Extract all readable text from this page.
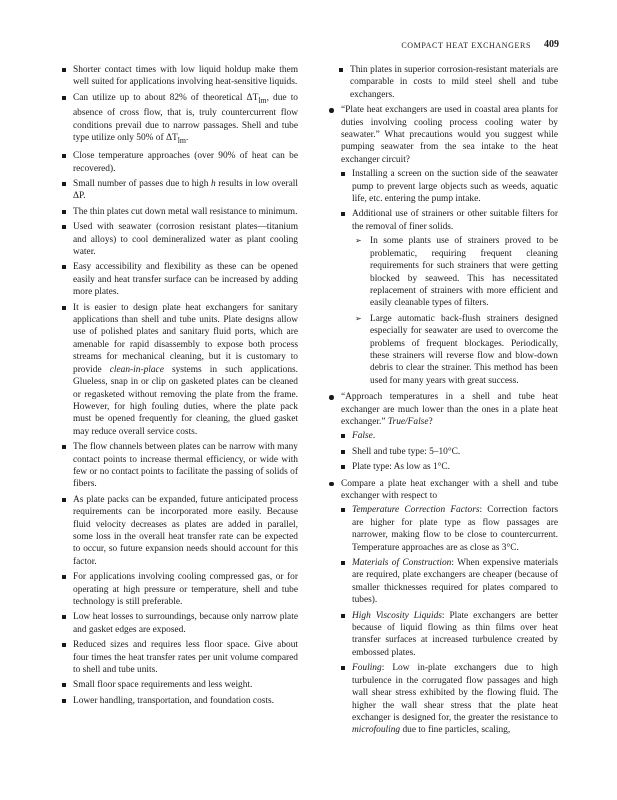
COMPACT HEAT EXCHANGERS 409
Shorter contact times with low liquid holdup make them well suited for applications involving heat-sensitive liquids.
Can utilize up to about 82% of theoretical $\Delta T_{lm}$, due to absence of cross flow, that is, truly countercurrent flow conditions prevail due to narrow passages. Shell and tube type utilize only 50% of $\Delta T_{lm}$.
Close temperature approaches (over 90% of heat can be recovered).
Small number of passes due to high h results in low overall ΔP.
The thin plates cut down metal wall resistance to minimum.
Used with seawater (corrosion resistant plates—titanium and alloys) to cool demineralized water as plant cooling water.
Easy accessibility and flexibility as these can be opened easily and heat transfer surface can be increased by adding more plates.
It is easier to design plate heat exchangers for sanitary applications than shell and tube units. Plate designs allow use of polished plates and sanitary fluid ports, which are amenable for rapid disassembly to expose both process streams for mechanical cleaning, but it is customary to provide clean-in-place systems in such applications. Glueless, snap in or clip on gasketed plates can be cleaned or regasketed without removing the plate from the frame. However, for high fouling duties, where the plate pack must be opened frequently for cleaning, the glued gasket may reduce overall service costs.
The flow channels between plates can be narrow with many contact points to increase thermal efficiency, or wide with few or no contact points to facilitate the passing of solids of fibers.
As plate packs can be expanded, future anticipated process requirements can be incorporated more easily. Because fluid velocity decreases as plates are added in parallel, some loss in the overall heat transfer rate can be expected to occur, so future expansion needs should account for this factor.
For applications involving cooling compressed gas, or for operating at high pressure or temperature, shell and tube technology is still preferable.
Low heat losses to surroundings, because only narrow plate and gasket edges are exposed.
Reduced sizes and requires less floor space. Give about four times the heat transfer rates per unit volume compared to shell and tube units.
Small floor space requirements and less weight.
Lower handling, transportation, and foundation costs.
Thin plates in superior corrosion-resistant materials are comparable in costs to mild steel shell and tube exchangers.
“Plate heat exchangers are used in coastal area plants for duties involving cooling process cooling water by seawater.” What precautions would you suggest while pumping seawater from the sea intake to the heat exchanger circuit?
Installing a screen on the suction side of the seawater pump to prevent large objects such as weeds, aquatic life, etc. entering the pump intake.
Additional use of strainers or other suitable filters for the removal of finer solids.
➢ In some plants use of strainers proved to be problematic, requiring frequent cleaning requirements for such strainers that were getting blocked by seaweed. This has necessitated replacement of strainers with more efficient and easily cleanable types of filters.
➢ Large automatic back-flush strainers designed especially for seawater are used to overcome the problems of frequent blockages. Periodically, these strainers will reverse flow and blow-down debris to clear the strainer. This method has been used for many years with great success.
“Approach temperatures in a shell and tube heat exchanger are much lower than the ones in a plate heat exchanger.” True/False?
False.
Shell and tube type: 5–10°C.
Plate type: As low as 1°C.
Compare a plate heat exchanger with a shell and tube exchanger with respect to
Temperature Correction Factors: Correction factors are higher for plate type as flow passages are narrower, making flow to be close to countercurrent. Temperature approaches are as close as 3°C.
Materials of Construction: When expensive materials are required, plate exchangers are cheaper (because of smaller thicknesses required for plates compared to tubes).
High Viscosity Liquids: Plate exchangers are better because of liquid flowing as thin films over heat transfer surfaces at increased turbulence created by embossed plates.
Fouling: Low in-plate exchangers due to high turbulence in the corrugated flow passages and high wall shear stress exhibited by the flowing fluid. The higher the wall shear stress that the plate heat exchanger is designed for, the greater the resistance to microfouling due to fine particles, scaling,
